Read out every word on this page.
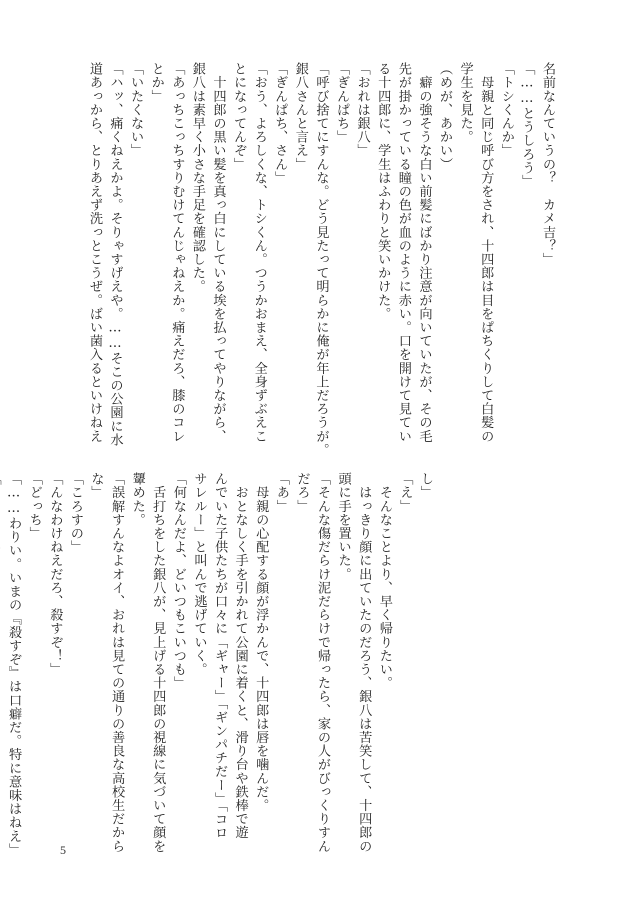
名前なんていうの？　カメ吉？」
「……とうしろう」
「トシくんか」
　母親と同じ呼び方をされ、十四郎は目をぱちくりして白髪の
学生を見た。
（めが、あかい）
　癖の強そうな白い前髪にばかり注意が向いていたが、その毛
先が掛かっている瞳の色が血のように赤い。口を開けて見てい
る十四郎に、学生はふわりと笑いかけた。
「おれは銀八」
「ぎんぱち」
「呼び捨てにすんな。どう見たって明らかに俺が年上だろうが。
銀八さんと言え」
「ぎんぱち、さん」
「おう、よろしくな、トシくん。つうかおまえ、全身ずぶえこ
とになってんぞ」
　十四郎の黒い髪を真っ白にしている埃を払ってやりながら、
銀八は素早く小さな手足を確認した。
「あっちこっちすりむけてんじゃねえか。痛えだろ、膝のコレ
とか」
「いたくない」
「ハッ、痛くねえかよ。そりゃすげえや。……そこの公園に水
道あっから、とりあえず洗っとこうぜ。ばい菌入るといけねえ
し」
「え」
　そんなことより、早く帰りたい。
　はっきり顔に出ていたのだろう、銀八は苦笑して、十四郎の
頭に手を置いた。
「そんな傷だらけ泥だらけで帰ったら、家の人がびっくりすん
だろ」
「あ」
　母親の心配する顔が浮かんで、十四郎は唇を噛んだ。
　おとなしく手を引かれて公園に着くと、滑り台や鉄棒で遊
んでいた子供たちが口々に「ギャー」「ギンパチだー」「コロ
サレルー」と叫んで逃げていく。
「何なんだよ、どいつもこいつも」
　舌打ちをした銀八が、見上げる十四郎の視線に気づいて顔を
顰めた。
「誤解すんなよオイ、おれは見ての通りの善良な高校生だから
な」
「ころすの」
「んなわけねえだろ、殺すぞ！」
「どっち」
「……わりい。いまの『殺すぞ』は口癖だ。特に意味はねえ」	5
